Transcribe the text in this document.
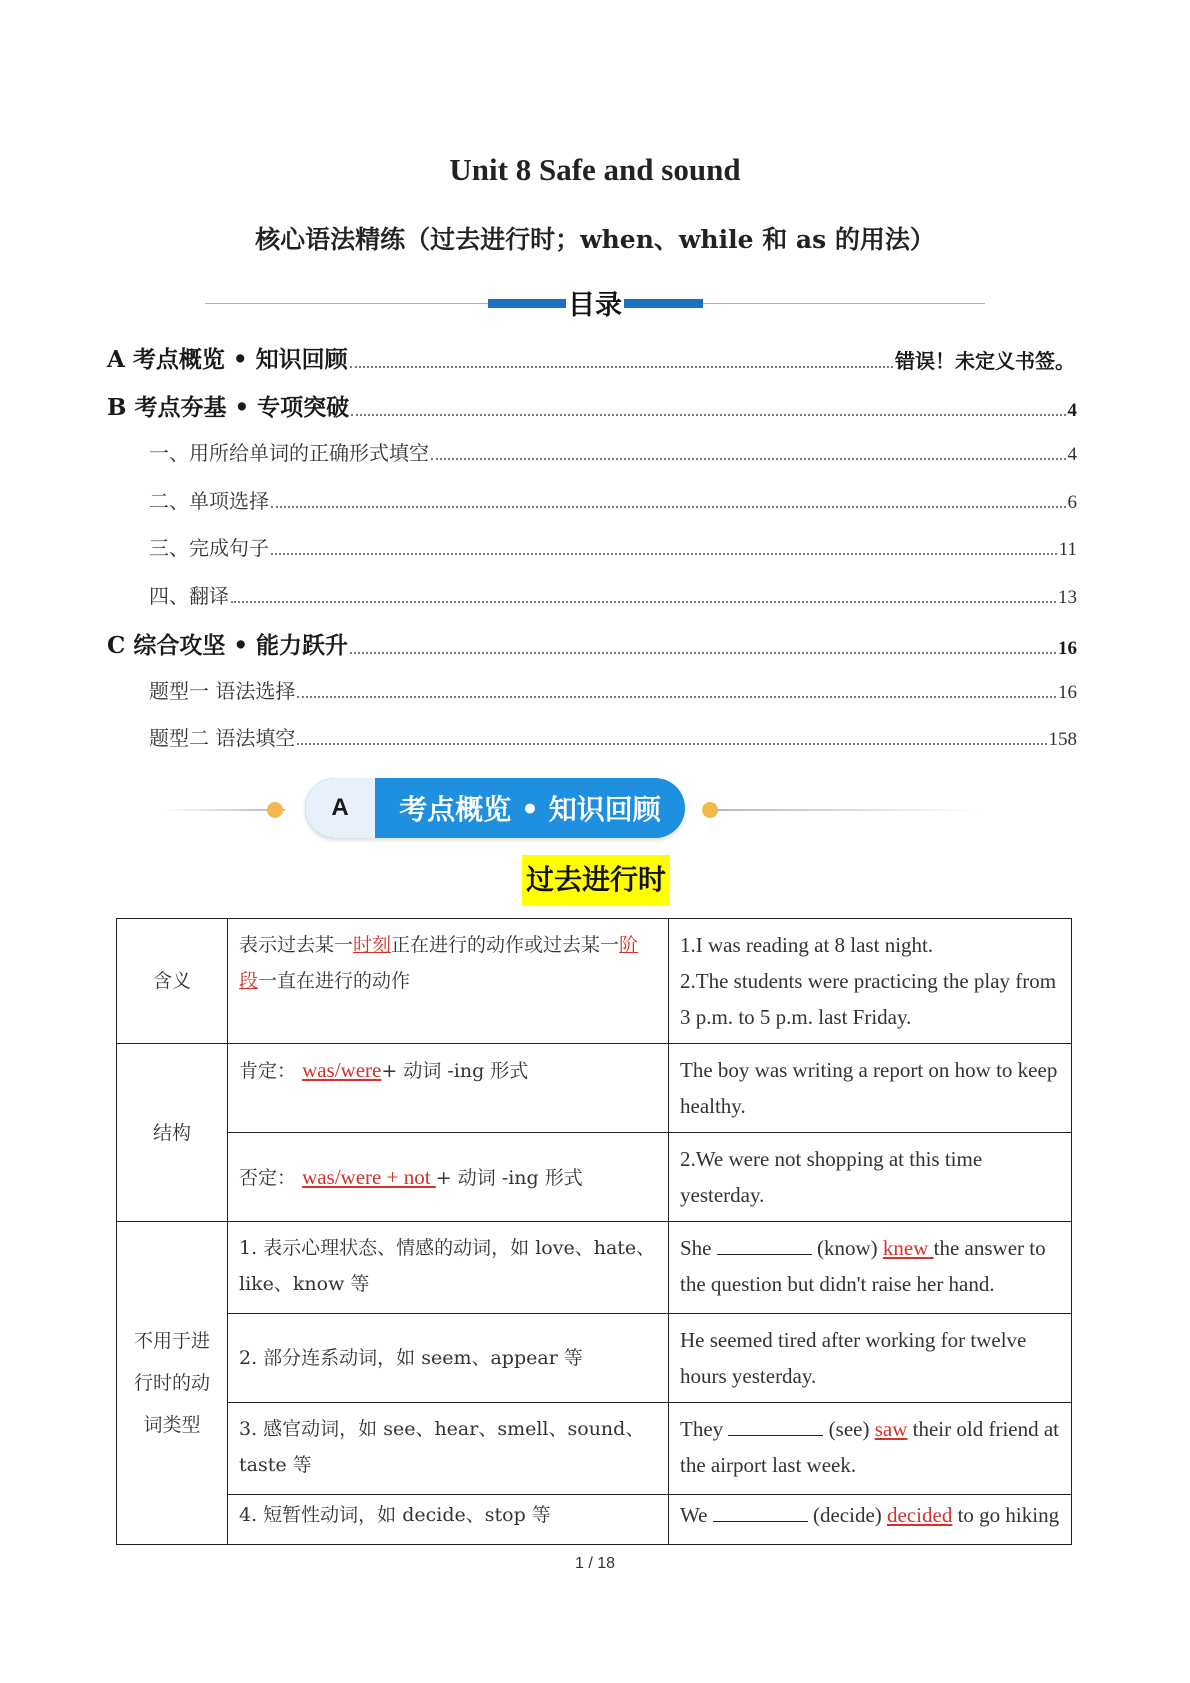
Unit 8 Safe and sound
核心语法精练（过去进行时；when、while 和 as 的用法）
目录
A 考点概览 • 知识回顾	错误！未定义书签。
B 考点夯基 • 专项突破	4
一、用所给单词的正确形式填空	4
二、单项选择	6
三、完成句子	11
四、翻译	13
C 综合攻坚 • 能力跃升	16
题型一 语法选择	16
题型二 语法填空	158
A	考点概览 • 知识回顾
过去进行时
含义	表示过去某一时刻正在进行的动作或过去某一阶段一直在进行的动作	1.I was reading at 8 last night.
2.The students were practicing the play from 3 p.m. to 5 p.m. last Friday.

结构	肯定： was/were+ 动词 -ing 形式	The boy was writing a report on how to keep healthy.
	否定： was/were + not + 动词 -ing 形式	2.We were not shopping at this time yesterday.
不用于进行时的动词类型	1. 表示心理状态、情感的动词，如 love、hate、like、know 等	She (know) knew the answer to the question but didn't raise her hand.
	2. 部分连系动词，如 seem、appear 等	He seemed tired after working for twelve hours yesterday.
	3. 感官动词，如 see、hear、smell、sound、taste 等	They (see) saw their old friend at the airport last week.
	4. 短暂性动词，如 decide、stop 等	We (decide) decided to go hiking
1 / 18
